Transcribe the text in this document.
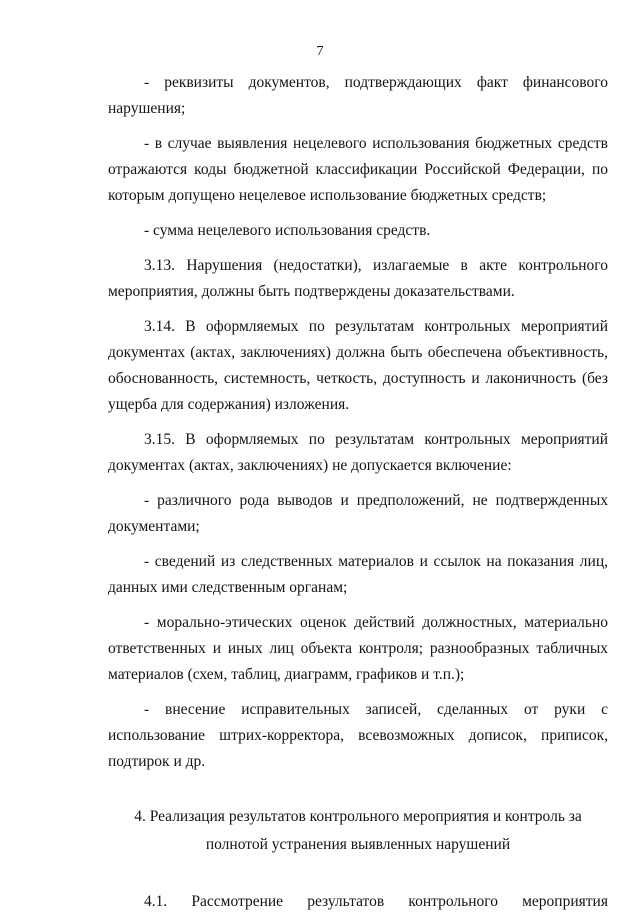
7

- реквизиты документов, подтверждающих факт финансового нарушения;

- в случае выявления нецелевого использования бюджетных средств отражаются коды бюджетной классификации Российской Федерации, по которым допущено нецелевое использование бюджетных средств;

- сумма нецелевого использования средств.

3.13. Нарушения (недостатки), излагаемые в акте контрольного мероприятия, должны быть подтверждены доказательствами.

3.14. В оформляемых по результатам контрольных мероприятий документах (актах, заключениях) должна быть обеспечена объективность, обоснованность, системность, четкость, доступность и лаконичность (без ущерба для содержания) изложения.

3.15. В оформляемых по результатам контрольных мероприятий документах (актах, заключениях) не допускается включение:

- различного рода выводов и предположений, не подтвержденных документами;

- сведений из следственных материалов и ссылок на показания лиц, данных ими следственным органам;

- морально-этических оценок действий должностных, материально ответственных и иных лиц объекта контроля; разнообразных табличных материалов (схем, таблиц, диаграмм, графиков и т.п.);

- внесение исправительных записей, сделанных от руки с использование штрих-корректора, всевозможных дописок, приписок, подтирок и др.

4. Реализация результатов контрольного мероприятия и контроль за
полнотой устранения выявленных нарушений
4.1. Рассмотрение результатов контрольного мероприятия
